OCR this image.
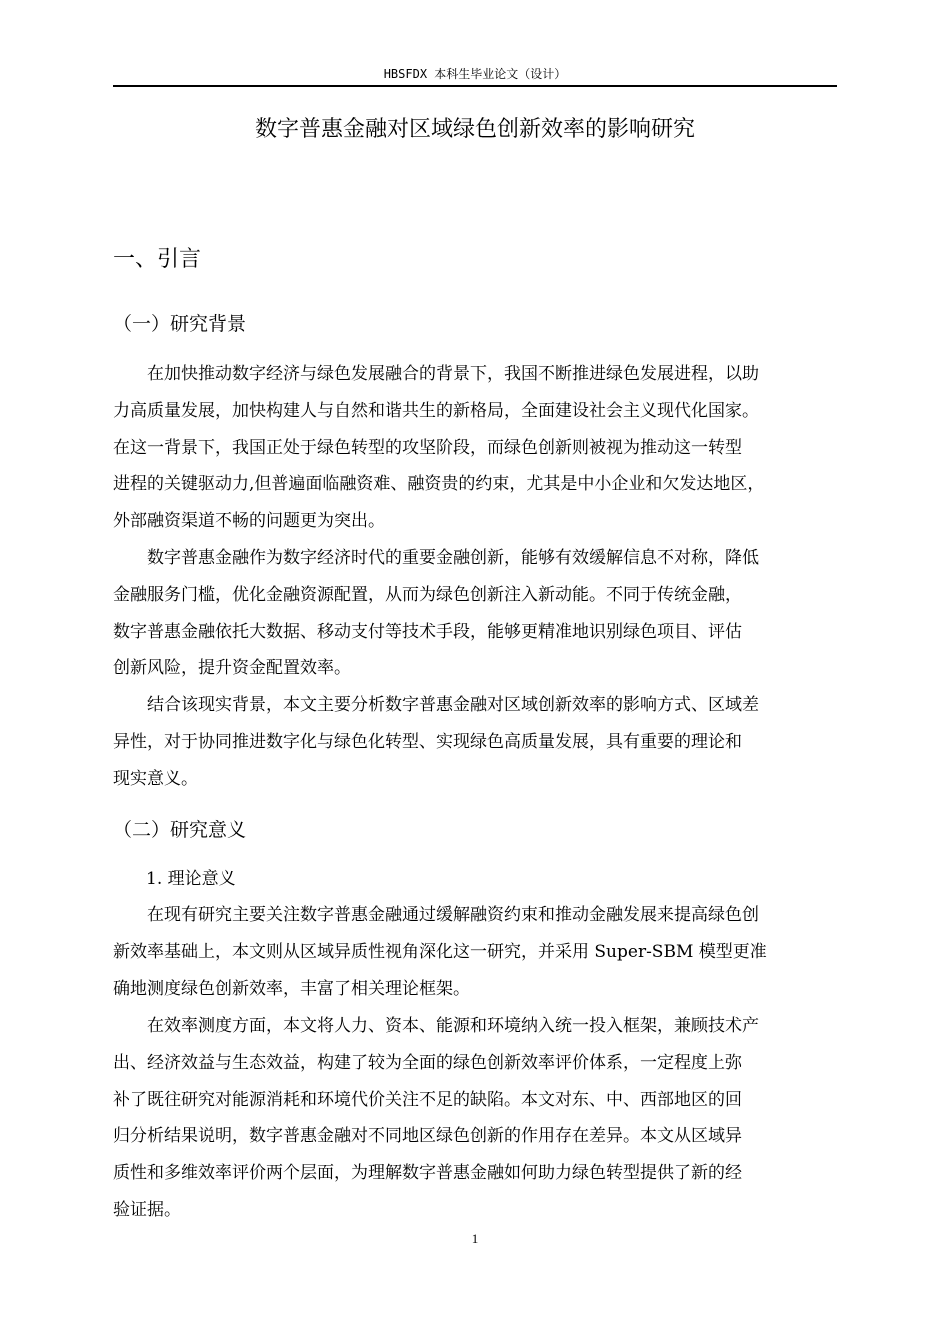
HBSFDX 本科生毕业论文（设计）
数字普惠金融对区域绿色创新效率的影响研究
一、引言
（一）研究背景

在加快推动数字经济与绿色发展融合的背景下，我国不断推进绿色发展进程，以助
力高质量发展，加快构建人与自然和谐共生的新格局，全面建设社会主义现代化国家。
在这一背景下，我国正处于绿色转型的攻坚阶段，而绿色创新则被视为推动这一转型
进程的关键驱动力,但普遍面临融资难、融资贵的约束，尤其是中小企业和欠发达地区，
外部融资渠道不畅的问题更为突出。

数字普惠金融作为数字经济时代的重要金融创新，能够有效缓解信息不对称，降低
金融服务门槛，优化金融资源配置，从而为绿色创新注入新动能。不同于传统金融，
数字普惠金融依托大数据、移动支付等技术手段，能够更精准地识别绿色项目、评估
创新风险，提升资金配置效率。

结合该现实背景，本文主要分析数字普惠金融对区域创新效率的影响方式、区域差
异性，对于协同推进数字化与绿色化转型、实现绿色高质量发展，具有重要的理论和
现实意义。

（二）研究意义
1. 理论意义

在现有研究主要关注数字普惠金融通过缓解融资约束和推动金融发展来提高绿色创
新效率基础上，本文则从区域异质性视角深化这一研究，并采用 Super-SBM 模型更准
确地测度绿色创新效率，丰富了相关理论框架。

在效率测度方面，本文将人力、资本、能源和环境纳入统一投入框架，兼顾技术产
出、经济效益与生态效益，构建了较为全面的绿色创新效率评价体系，一定程度上弥
补了既往研究对能源消耗和环境代价关注不足的缺陷。本文对东、中、西部地区的回
归分析结果说明，数字普惠金融对不同地区绿色创新的作用存在差异。本文从区域异
质性和多维效率评价两个层面，为理解数字普惠金融如何助力绿色转型提供了新的经
验证据。

1
